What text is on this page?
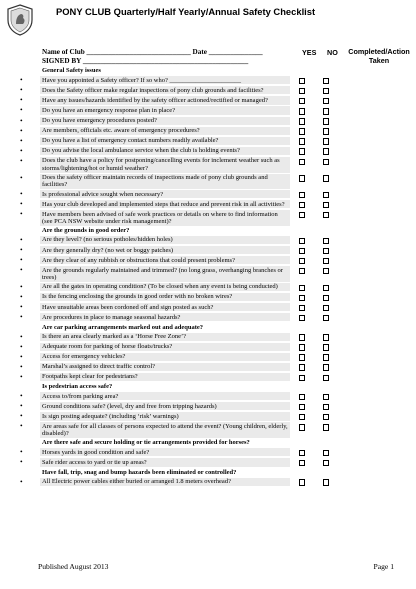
PONY CLUB Quarterly/Half Yearly/Annual Safety Checklist
Name of Club _____________________________ Date _______________
SIGNED BY ______________________________________________
YES NO	Completed/Action Taken
General Safety issues
•	Have you appointed a Safety officer? If so who? ______________________
•	Does the Safety officer make regular inspections of pony club grounds and facilities?
•	Have any issues/hazards identified by the safety officer actioned/rectified or managed?
•	Do you have an emergency response plan in place?
•	Do you have emergency procedures posted?
•	Are members, officials etc. aware of emergency procedures?
•	Do you have a list of emergency contact numbers readily available?
•	Do you advise the local ambulance service when the club is holding events?
•	Does the club have a policy for postponing/cancelling events for inclement weather such as storms/lightening/hot or humid weather?
•	Does the safety officer maintain records of inspections made of pony club grounds and facilities?
•	Is professional advice sought when necessary?
•	Has your club developed and implemented steps that reduce and prevent risk in all activities?
•	Have members been advised of safe work practices or details on where to find information (see PCA NSW website under risk management)?
Are the grounds in good order?
•	Are they level? (no serious potholes/hidden holes)
•	Are they generally dry? (no wet or boggy patches)
•	Are they clear of any rubbish or obstructions that could present problems?
•	Are the grounds regularly maintained and trimmed? (no long grass, overhanging branches or trees)
•	Are all the gates in operating condition? (To be closed when any event is being conducted)
•	Is the fencing enclosing the grounds in good order with no broken wires?
•	Have unsuitable areas been cordoned off and sign posted as such?
•	Are procedures in place to manage seasonal hazards?
Are car parking arrangements marked out and adequate?
•	Is there an area clearly marked as a ‘Horse Free Zone’?
•	Adequate room for parking of horse floats/trucks?
•	Access for emergency vehicles?
•	Marshal’s assigned to direct traffic control?
•	Footpaths kept clear for pedestrians?
Is pedestrian access safe?
•	Access to/from parking area?
•	Ground conditions safe? (level, dry and free from tripping hazards)
•	Is sign posting adequate? (including ‘risk’ warnings)
•	Are areas safe for all classes of persons expected to attend the event? (Young children, elderly, disabled)?
Are there safe and secure holding or tie arrangements provided for horses?
•	Horses yards in good condition and safe?
•	Safe rider access to yard or tie up areas?
Have fall, trip, snag and bump hazards been eliminated or controlled?
•	All Electric power cables either buried or arranged 1.8 meters overhead?
Published August 2013	Page 1
